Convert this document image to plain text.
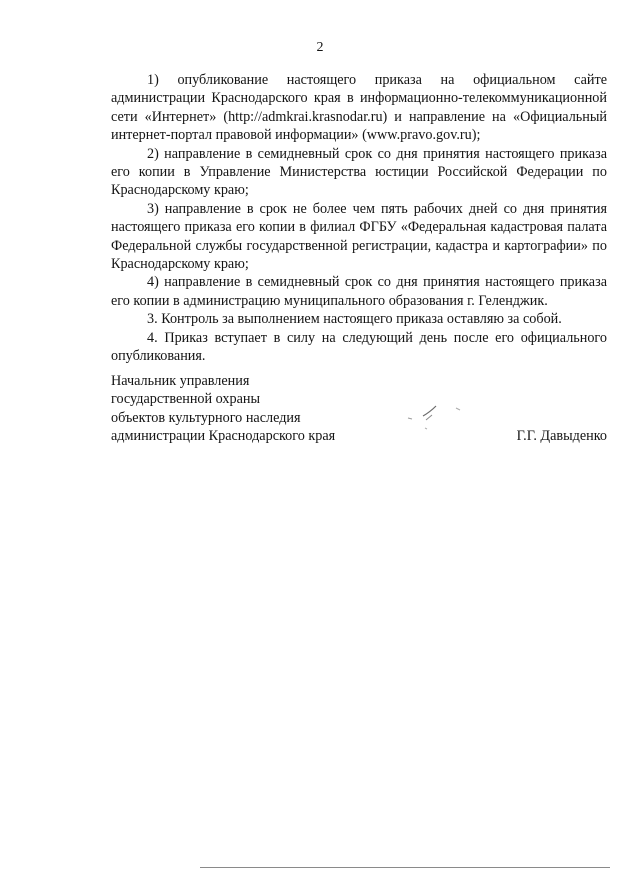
2

1) опубликование настоящего приказа на официальном сайте администрации Краснодарского края в информационно-телекоммуникационной сети «Интернет» (http://admkrai.krasnodar.ru) и направление на «Официальный интернет-портал правовой информации» (www.pravo.gov.ru);

2) направление в семидневный срок со дня принятия настоящего приказа его копии в Управление Министерства юстиции Российской Федерации по Краснодарскому краю;

3) направление в срок не более чем пять рабочих дней со дня принятия настоящего приказа его копии в филиал ФГБУ «Федеральная кадастровая палата Федеральной службы государственной регистрации, кадастра и картографии» по Краснодарскому краю;

4) направление в семидневный срок со дня принятия настоящего приказа его копии в администрацию муниципального образования г. Геленджик.

3. Контроль за выполнением настоящего приказа оставляю за собой.

4. Приказ вступает в силу на следующий день после его официального опубликования.

Начальник управления
государственной охраны
объектов культурного наследия
администрации Краснодарского края	Г.Г. Давыденко
